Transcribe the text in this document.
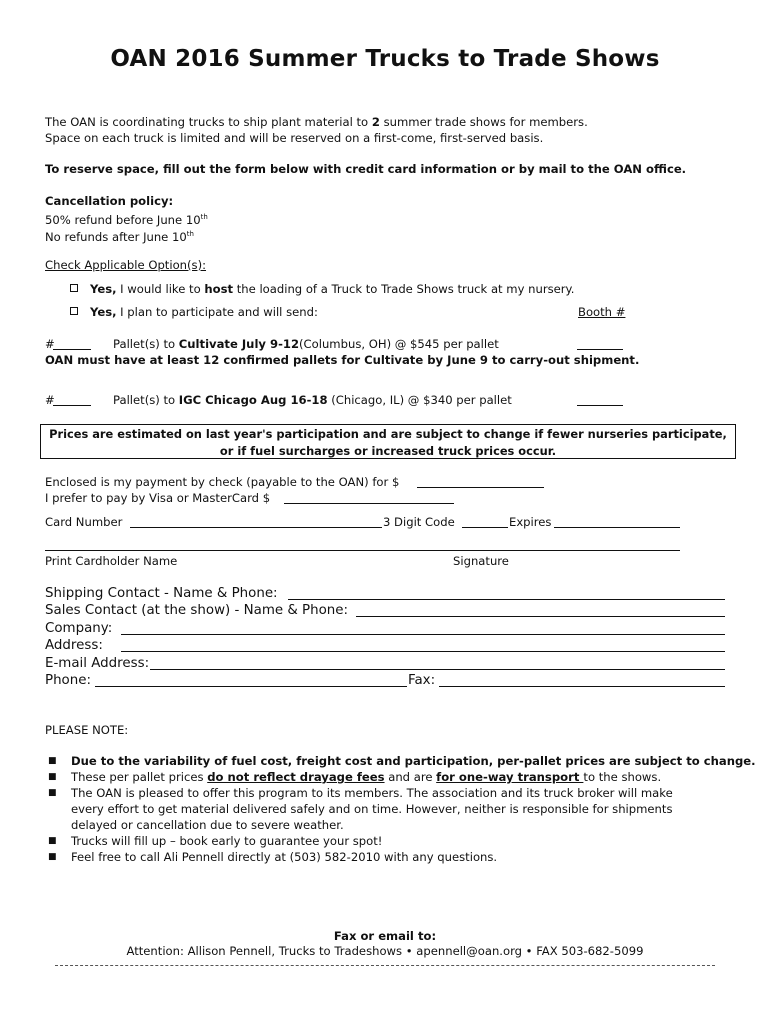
OAN 2016 Summer Trucks to Trade Shows
The OAN is coordinating trucks to ship plant material to 2 summer trade shows for members.
Space on each truck is limited and will be reserved on a first-come, first-served basis.
To reserve space, fill out the form below with credit card information or by mail to the OAN office.
Cancellation policy:
50% refund before June 10th
No refunds after June 10th
Check Applicable Option(s):
Yes, I would like to host the loading of a Truck to Trade Shows truck at my nursery.
Yes, I plan to participate and will send:	Booth #
#	Pallet(s) to Cultivate July 9-12(Columbus, OH) @ $545 per pallet
OAN must have at least 12 confirmed pallets for Cultivate by June 9 to carry-out shipment.
#	Pallet(s) to IGC Chicago Aug 16-18 (Chicago, IL) @ $340 per pallet
Prices are estimated on last year's participation and are subject to change if fewer nurseries participate,
or if fuel surcharges or increased truck prices occur.
Enclosed is my payment by check (payable to the OAN) for $
I prefer to pay by Visa or MasterCard $
Card Number	3 Digit Code	Expires
Print Cardholder Name	Signature
Shipping Contact - Name & Phone:
Sales Contact (at the show) - Name & Phone:
Company:
Address:
E-mail Address:
Phone:	Fax:
PLEASE NOTE:
■ Due to the variability of fuel cost, freight cost and participation, per-pallet prices are subject to change.
■ These per pallet prices do not reflect drayage fees and are for one-way transport to the shows.
■ The OAN is pleased to offer this program to its members. The association and its truck broker will make
every effort to get material delivered safely and on time. However, neither is responsible for shipments
delayed or cancellation due to severe weather.
■ Trucks will fill up – book early to guarantee your spot!
■ Feel free to call Ali Pennell directly at (503) 582-2010 with any questions.
Fax or email to:
Attention: Allison Pennell, Trucks to Tradeshows • apennell@oan.org • FAX 503-682-5099
